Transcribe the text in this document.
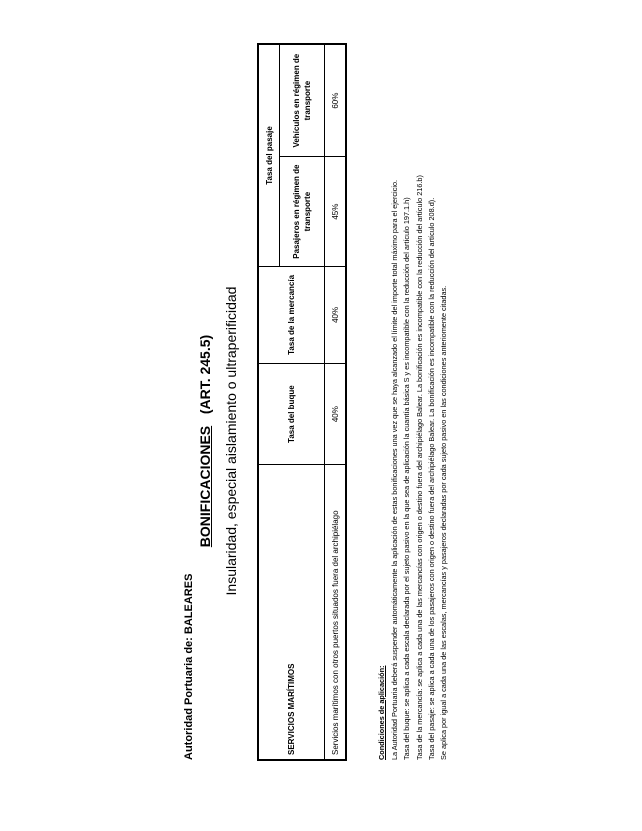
Autoridad Portuaria de: BALEARES
BONIFICACIONES   (ART. 245.5) Insularidad, especial aislamiento o ultraperificidad
SERVICIOS MARÍTIMOS	Tasa del buque	Tasa de la mercancía	Tasa del pasaje	
			Pasajeros en régimen de transporte	Vehículos en régimen de transporte
Servicios marítimos con otros puertos situados fuera del archipiélago	40%	40%	45%	60%
Condiciones de aplicación: La Autoridad Portuaria deberá suspender automáticamente la aplicación de estas bonificaciones una vez que se haya alcanzado el límite del importe total máximo para el ejercicio. Tasa del buque: se aplica a cada escala declarada por el sujeto pasivo en la que sea de aplicación la cuantía básica S y es incompatible con la reducción del artículo 197.1.h) Tasa de la mercancía: se aplica a cada una de las mercancías con origen o destino fuera del archipiélago Balear. La bonificación es incompatible con la reducción del artículo 216.b) Tasa del pasaje: se aplica a cada una de los pasajeros con origen o destino fuera del archipiélago Balear. La bonificación es incompatible con la reducción del artículo 208.d). Se aplica por igual a cada una de las escalas, mercancías y pasajeros declaradas por cada sujeto pasivo en las condiciones anteriomente citadas.
